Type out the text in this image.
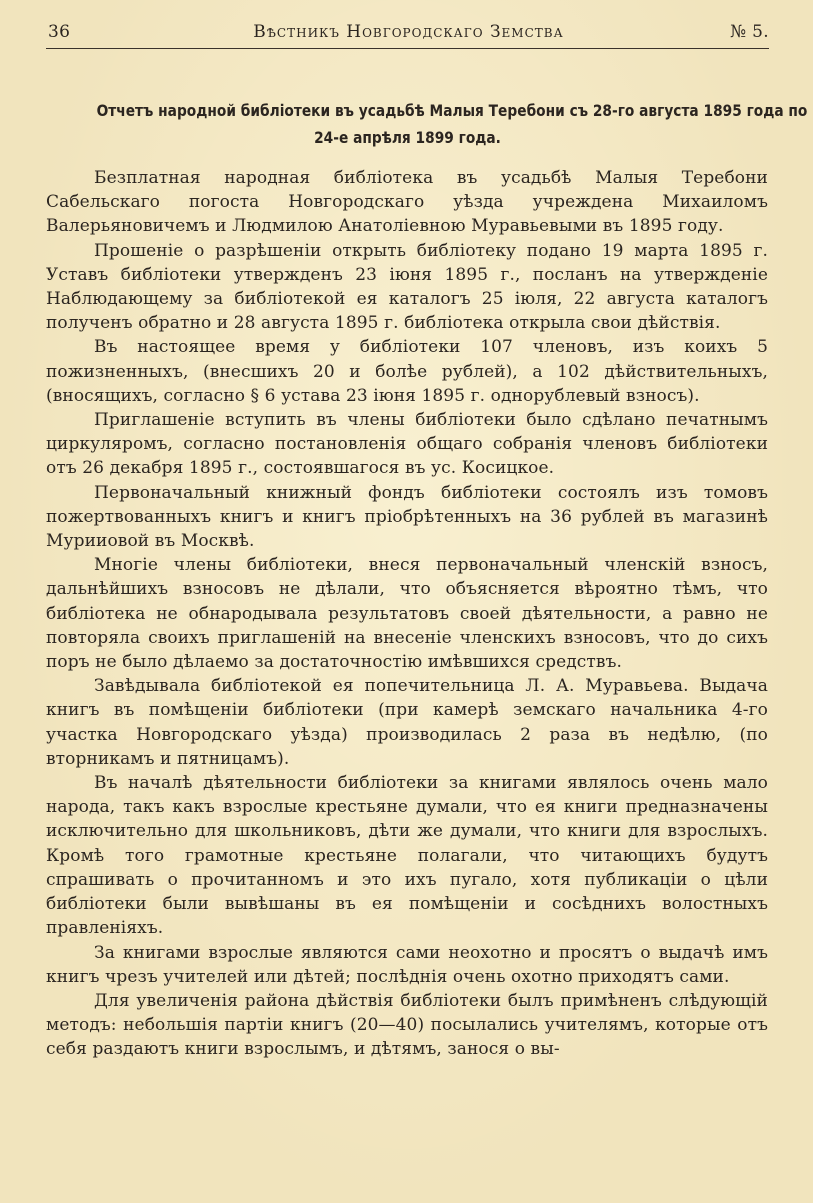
36	Вѣстникъ Новгородскаго Земства	№ 5.
Отчетъ народной библіотеки въ усадьбѣ Малыя Теребони съ 28-го августа 1895 года по
24-е апрѣля 1899 года.

Безплатная народная библіотека въ усадьбѣ Малыя Теребони Сабельскаго погоста Новгородскаго уѣзда учреждена Михаиломъ Валерьяновичемъ и Людмилою Анатоліевною Муравьевыми въ 1895 году.

Прошеніе о разрѣшеніи открыть библіотеку подано 19 марта 1895 г. Уставъ библіотеки утвержденъ 23 іюня 1895 г., посланъ на утвержденіе Наблюдающему за библіотекой ея каталогъ 25 іюля, 22 августа каталогъ полученъ обратно и 28 августа 1895 г. библіотека открыла свои дѣйствія.

Въ настоящее время у библіотеки 107 членовъ, изъ коихъ 5 пожизненныхъ, (внесшихъ 20 и болѣе рублей), а 102 дѣйствительныхъ, (вносящихъ, согласно § 6 устава 23 іюня 1895 г. однорублевый взносъ).

Приглашеніе вступить въ члены библіотеки было сдѣлано печатнымъ циркуляромъ, согласно постановленія общаго собранія членовъ библіотеки отъ 26 декабря 1895 г., состоявшагося въ ус. Косицкое.

Первоначальный книжный фондъ библіотеки состоялъ изъ томовъ пожертвованныхъ книгъ и книгъ пріобрѣтенныхъ на 36 рублей въ магазинѣ Мурииовой въ Москвѣ.

Многіе члены библіотеки, внеся первоначальный членскій взносъ, дальнѣйшихъ взносовъ не дѣлали, что объясняется вѣроятно тѣмъ, что библіотека не обнародывала результатовъ своей дѣятельности, а равно не повторяла своихъ приглашеній на внесеніе членскихъ взносовъ, что до сихъ поръ не было дѣлаемо за достаточностію имѣвшихся средствъ.

Завѣдывала библіотекой ея попечительница Л. А. Муравьева. Выдача книгъ въ помѣщеніи библіотеки (при камерѣ земскаго начальника 4-го участка Новгородскаго уѣзда) производилась 2 раза въ недѣлю, (по вторникамъ и пятницамъ).

Въ началѣ дѣятельности библіотеки за книгами являлось очень мало народа, такъ какъ взрослые крестьяне думали, что ея книги предназначены исключительно для школьниковъ, дѣти же думали, что книги для взрослыхъ. Кромѣ того грамотные крестьяне полагали, что читающихъ будутъ спрашивать о прочитанномъ и это ихъ пугало, хотя публикаціи о цѣли библіотеки были вывѣшаны въ ея помѣщеніи и сосѣднихъ волостныхъ правленіяхъ.

За книгами взрослые являются сами неохотно и просятъ о выдачѣ имъ книгъ чрезъ учителей или дѣтей; послѣднія очень охотно приходятъ сами.

Для увеличенія района дѣйствія библіотеки былъ примѣненъ слѣдующій методъ: небольшія партіи книгъ (20—40) посылались учителямъ, которые отъ себя раздаютъ книги взрослымъ, и дѣтямъ, занося о вы-
